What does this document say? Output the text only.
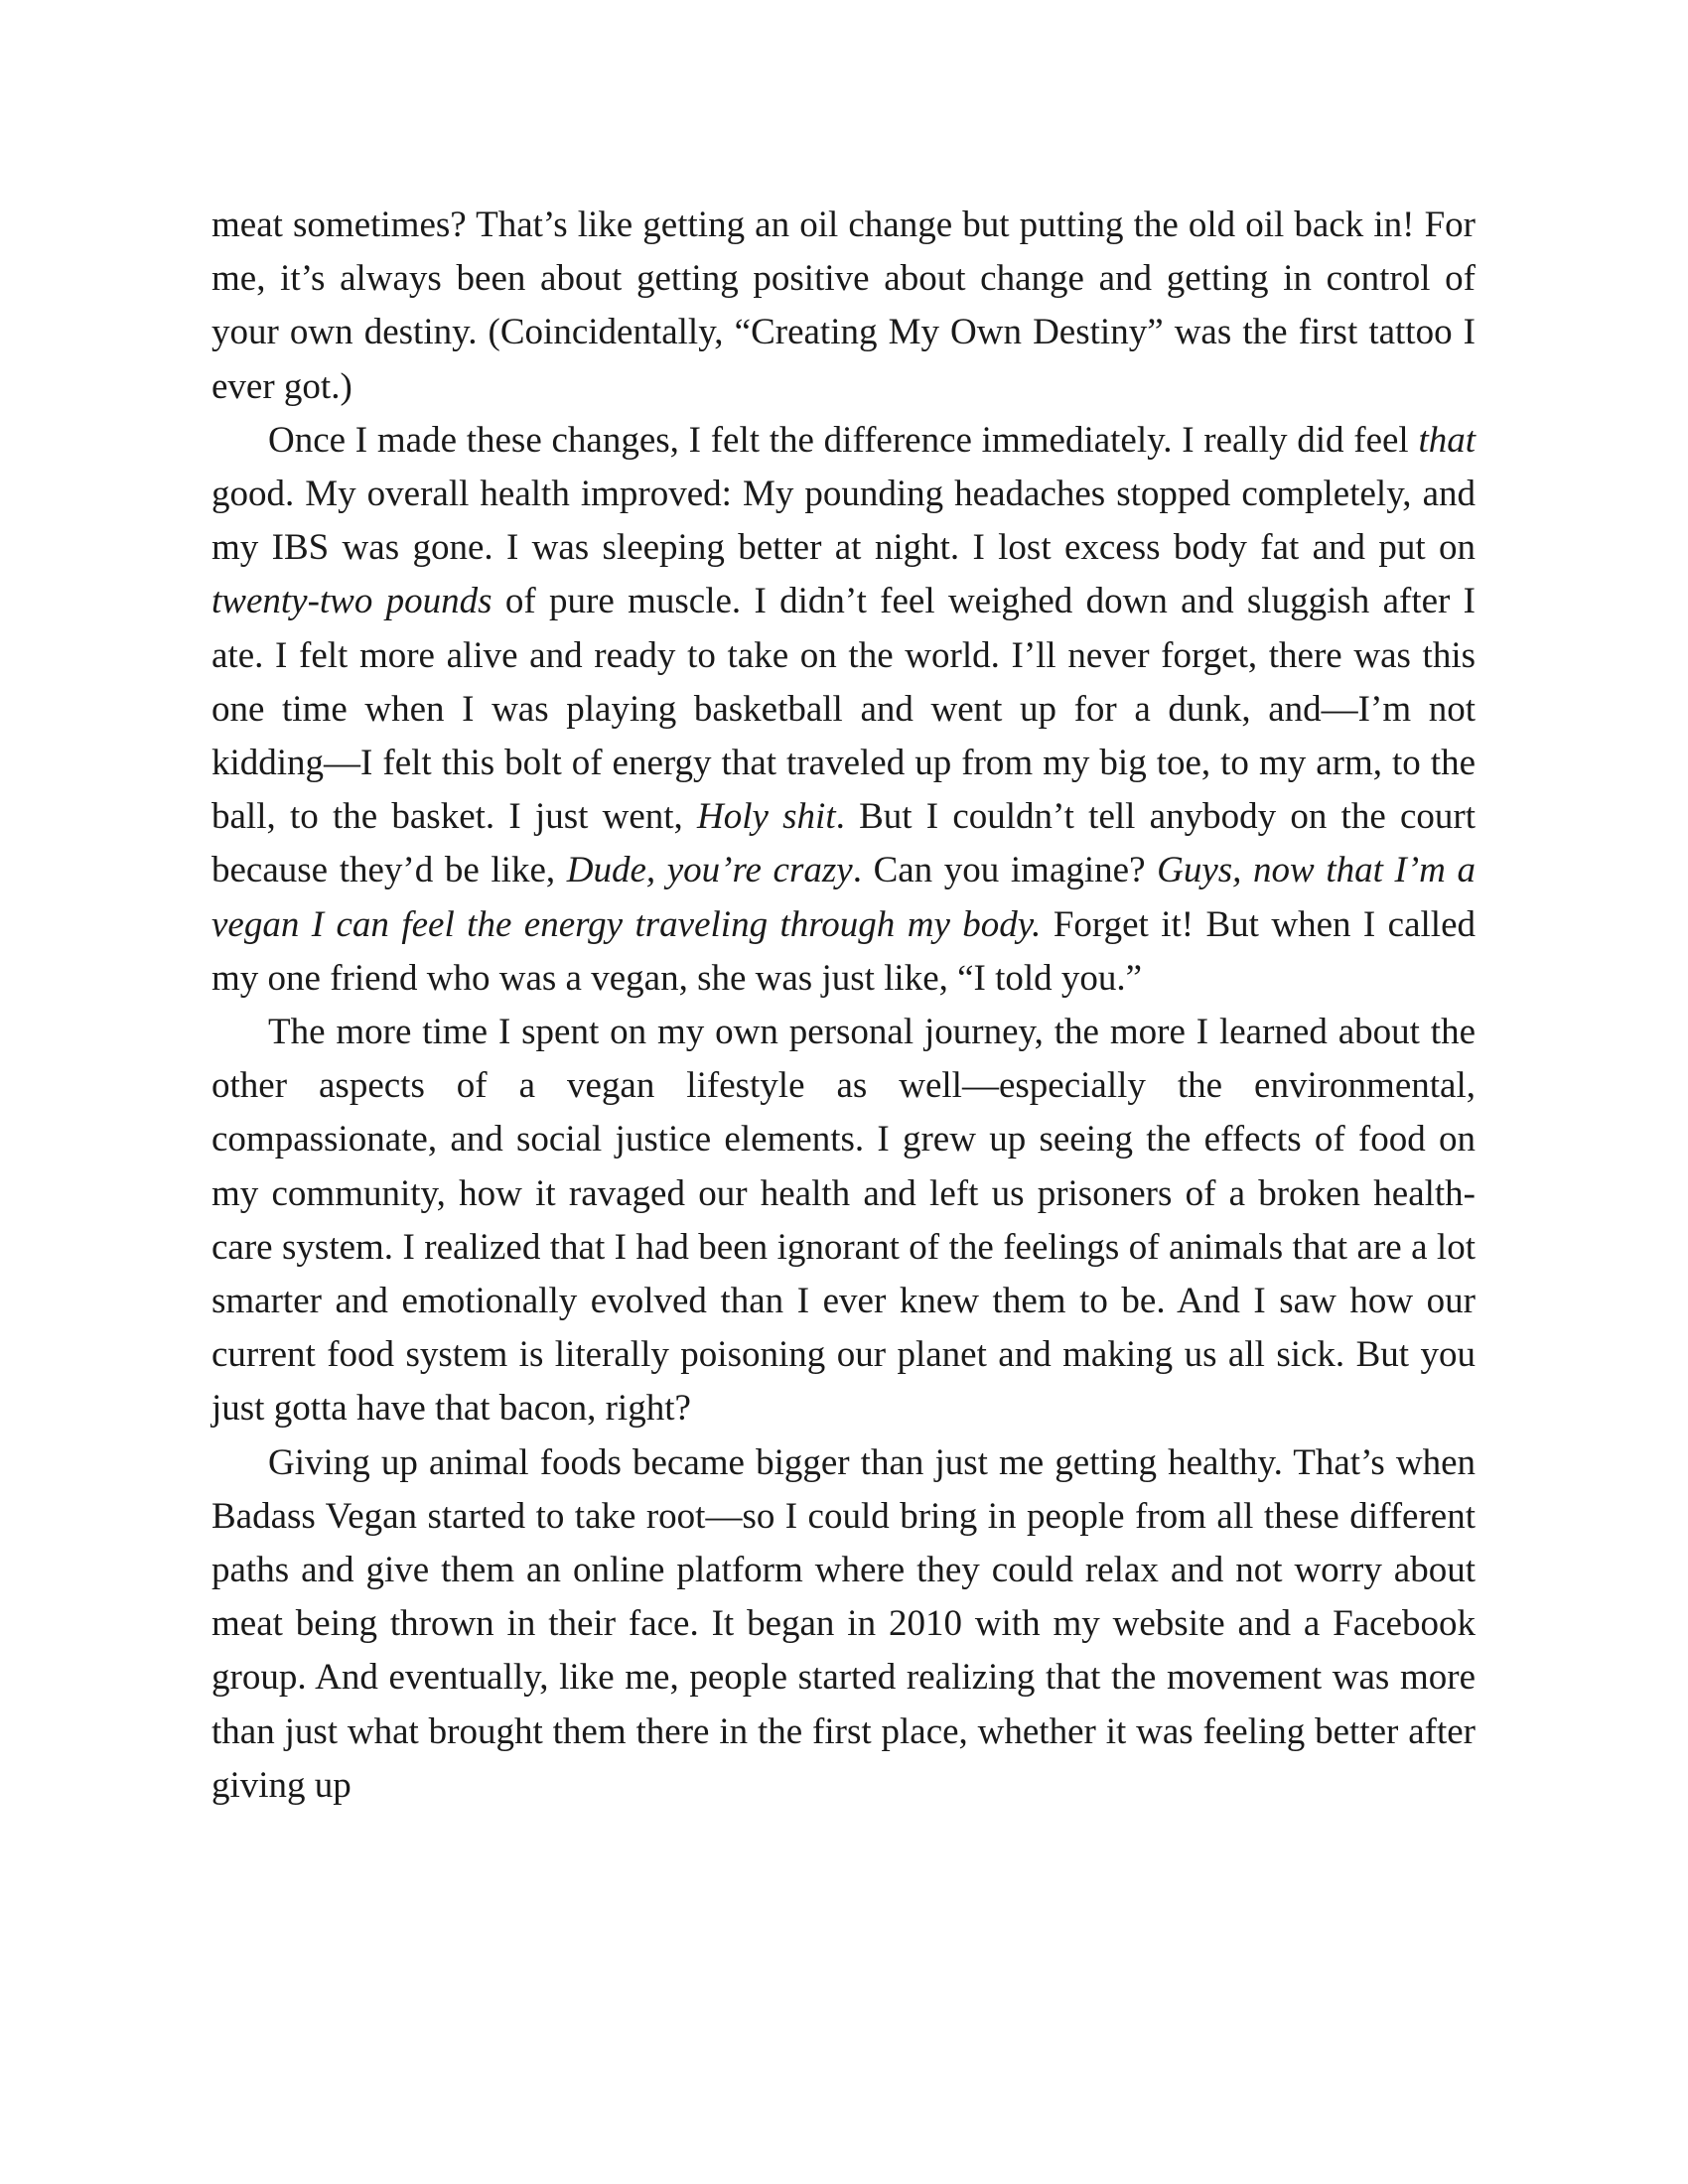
meat sometimes? That’s like getting an oil change but putting the old oil back in! For me, it’s always been about getting positive about change and getting in control of your own destiny. (Coincidentally, “Creating My Own Destiny” was the first tattoo I ever got.)

Once I made these changes, I felt the difference immediately. I really did feel that good. My overall health improved: My pounding headaches stopped completely, and my IBS was gone. I was sleeping better at night. I lost excess body fat and put on twenty-two pounds of pure muscle. I didn’t feel weighed down and sluggish after I ate. I felt more alive and ready to take on the world. I’ll never forget, there was this one time when I was playing basketball and went up for a dunk, and—I’m not kidding—I felt this bolt of energy that traveled up from my big toe, to my arm, to the ball, to the basket. I just went, Holy shit. But I couldn’t tell anybody on the court because they’d be like, Dude, you’re crazy. Can you imagine? Guys, now that I’m a vegan I can feel the energy traveling through my body. Forget it! But when I called my one friend who was a vegan, she was just like, “I told you.”

The more time I spent on my own personal journey, the more I learned about the other aspects of a vegan lifestyle as well—especially the environmental, compassionate, and social justice elements. I grew up seeing the effects of food on my community, how it ravaged our health and left us prisoners of a broken health-care system. I realized that I had been ignorant of the feelings of animals that are a lot smarter and emotionally evolved than I ever knew them to be. And I saw how our current food system is literally poisoning our planet and making us all sick. But you just gotta have that bacon, right?

Giving up animal foods became bigger than just me getting healthy. That’s when Badass Vegan started to take root—so I could bring in people from all these different paths and give them an online platform where they could relax and not worry about meat being thrown in their face. It began in 2010 with my website and a Facebook group. And eventually, like me, people started realizing that the movement was more than just what brought them there in the first place, whether it was feeling better after giving up
